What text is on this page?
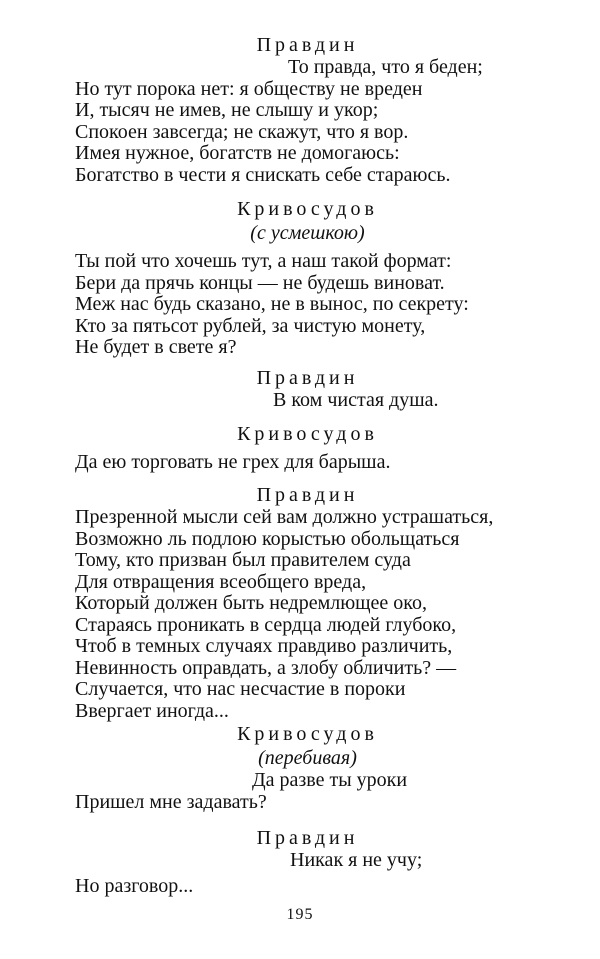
Правдин
То правда, что я беден;
Но тут порока нет: я обществу не вреден
И, тысяч не имев, не слышу и укор;
Спокоен завсегда; не скажут, что я вор.
Имея нужное, богатств не домогаюсь:
Богатство в чести я снискать себе стараюсь.
Кривосудов
(с усмешкою)
Ты пой что хочешь тут, а наш такой формат:
Бери да прячь концы — не будешь виноват.
Меж нас будь сказано, не в вынос, по секрету:
Кто за пятьсот рублей, за чистую монету,
Не будет в свете я?
Правдин
В ком чистая душа.
Кривосудов
Да ею торговать не грех для барыша.
Правдин
Презренной мысли сей вам должно устрашаться,
Возможно ль подлою корыстью обольщаться
Тому, кто призван был правителем суда
Для отвращения всеобщего вреда,
Который должен быть недремлющее око,
Стараясь проникать в сердца людей глубоко,
Чтоб в темных случаях правдиво различить,
Невинность оправдать, а злобу обличить? —
Случается, что нас несчастие в пороки
Ввергает иногда...
Кривосудов
(перебивая)
Да разве ты уроки
Пришел мне задавать?
Правдин
Никак я не учу;
Но разговор...
195
